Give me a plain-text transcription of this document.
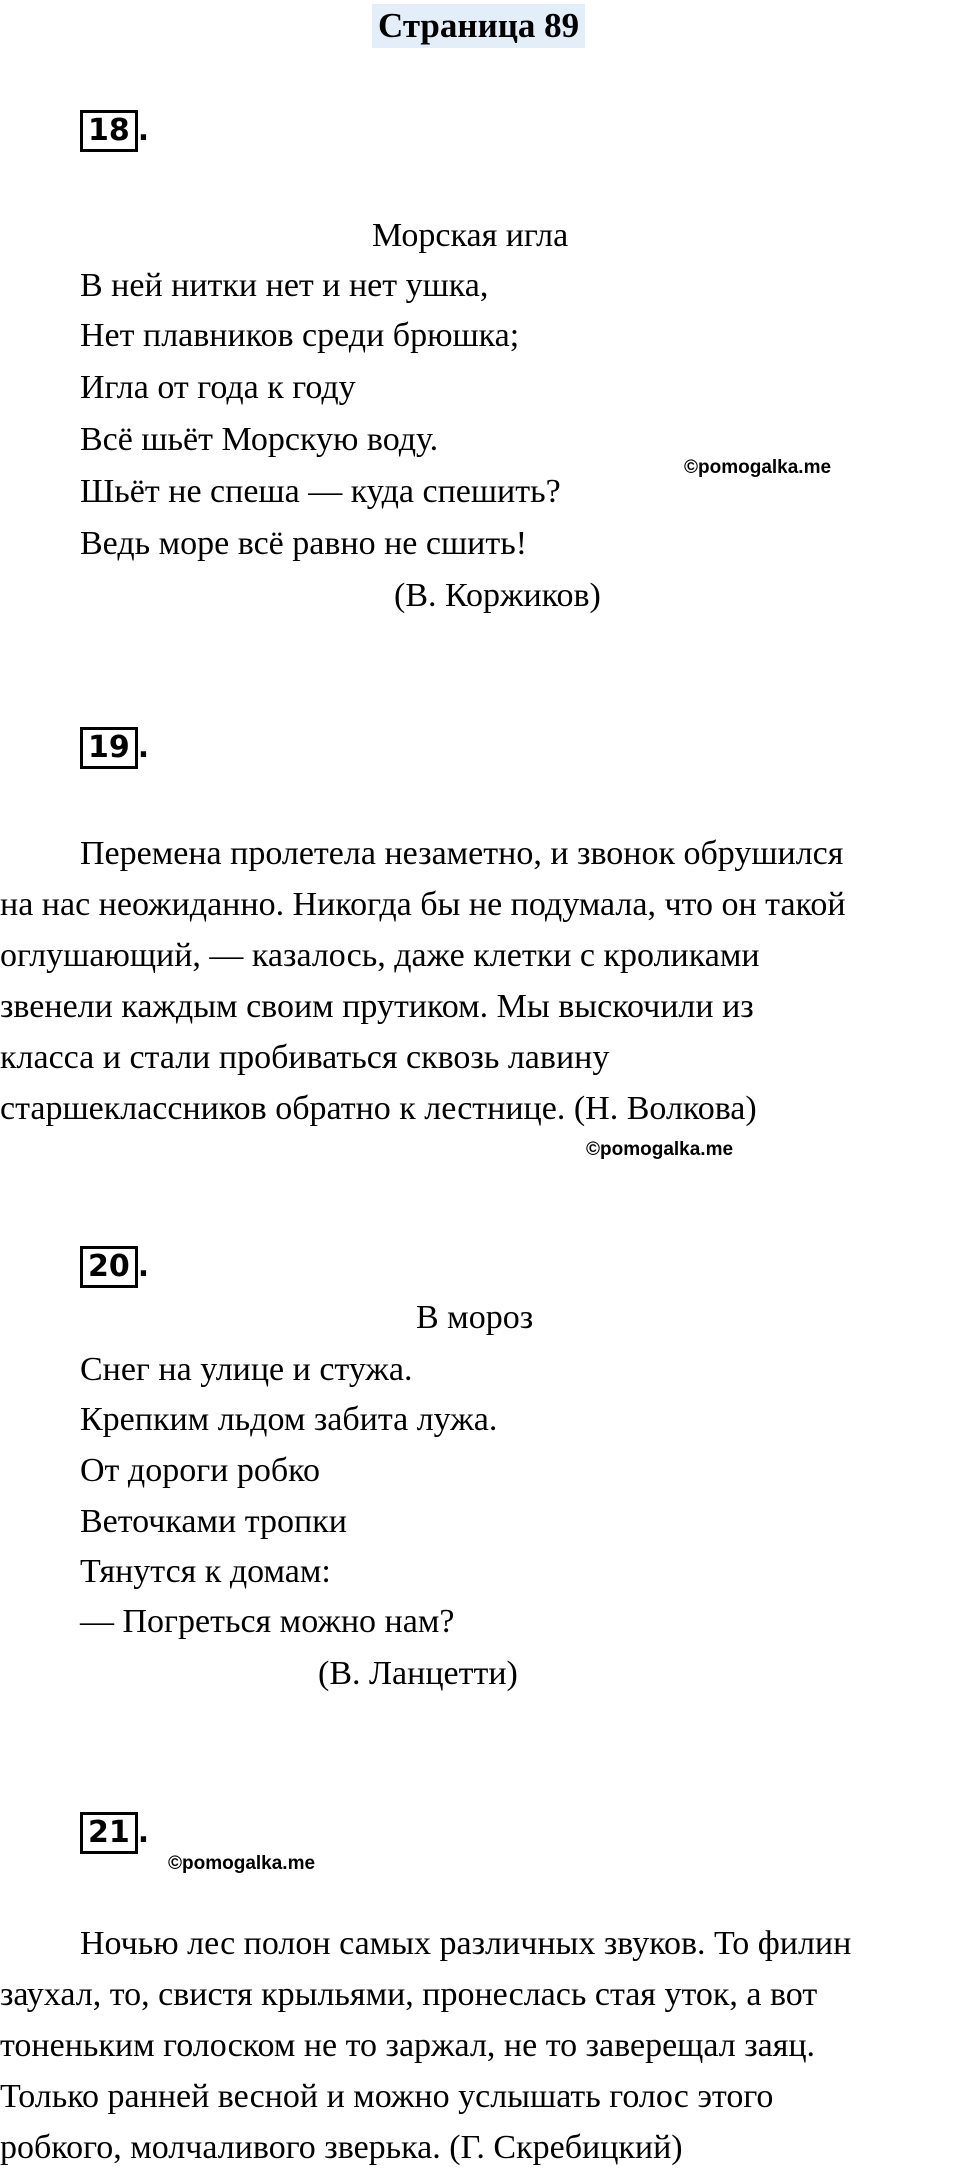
Страница 89
18 .
Морская игла
В ней нитки нет и нет ушка,
Нет плавников среди брюшка;
Игла от года к году
Всё шьёт Морскую воду.
Шьёт не спеша — куда спешить?
Ведь море всё равно не сшить!
(В. Коржиков)
©pomogalka.me
19 .
Перемена пролетела незаметно, и звонок обрушился
на нас неожиданно. Никогда бы не подумала, что он такой
оглушающий, — казалось, даже клетки с кроликами
звенели каждым своим прутиком. Мы выскочили из
класса и стали пробиваться сквозь лавину
старшеклассников обратно к лестнице. (Н. Волкова)
©pomogalka.me
20 .
В мороз
Снег на улице и стужа.
Крепким льдом забита лужа.
От дороги робко
Веточками тропки
Тянутся к домам:
— Погреться можно нам?
(В. Ланцетти)
21 .
©pomogalka.me
Ночью лес полон самых различных звуков. То филин
заухал, то, свистя крыльями, пронеслась стая уток, а вот
тоненьким голоском не то заржал, не то заверещал заяц.
Только ранней весной и можно услышать голос этого
робкого, молчаливого зверька. (Г. Скребицкий)
